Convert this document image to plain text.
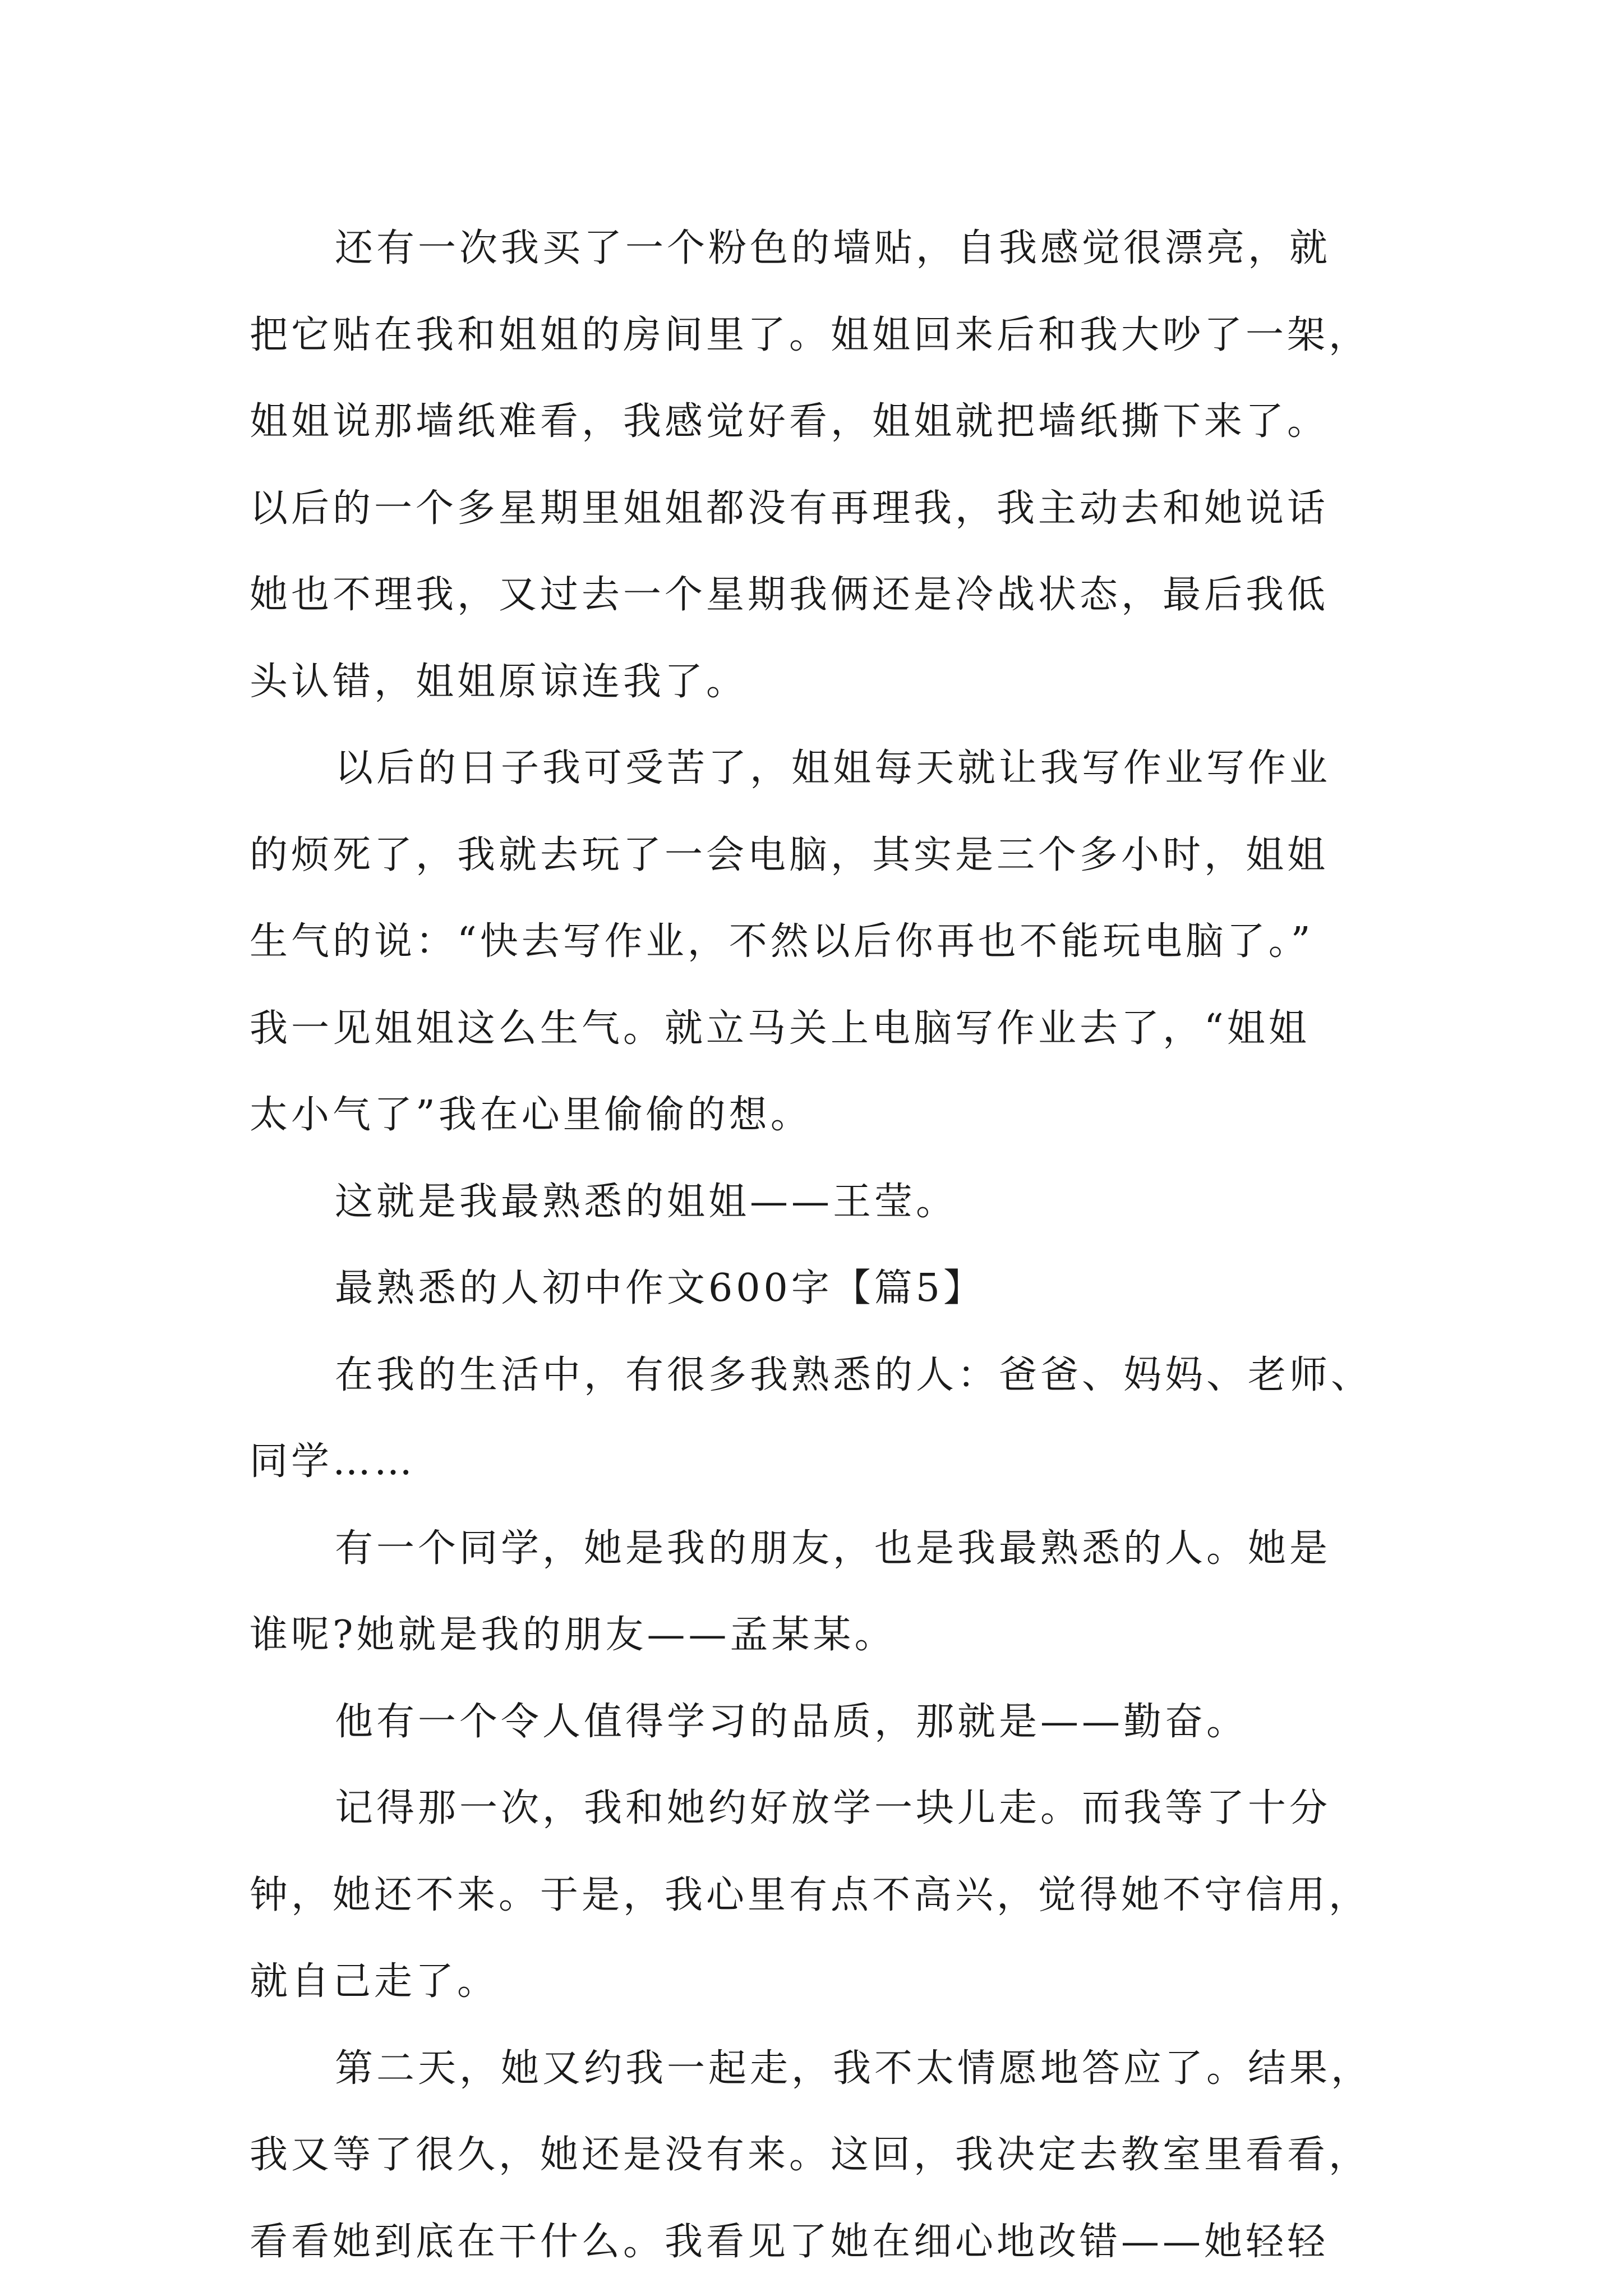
还有一次我买了一个粉色的墙贴，自我感觉很漂亮，就
把它贴在我和姐姐的房间里了。姐姐回来后和我大吵了一架，
姐姐说那墙纸难看，我感觉好看，姐姐就把墙纸撕下来了。
以后的一个多星期里姐姐都没有再理我，我主动去和她说话
她也不理我，又过去一个星期我俩还是冷战状态，最后我低
头认错，姐姐原谅连我了。
以后的日子我可受苦了，姐姐每天就让我写作业写作业
的烦死了，我就去玩了一会电脑，其实是三个多小时，姐姐
生气的说：“快去写作业，不然以后你再也不能玩电脑了。”
我一见姐姐这么生气。就立马关上电脑写作业去了，“姐姐
太小气了”我在心里偷偷的想。
这就是我最熟悉的姐姐——王莹。
最熟悉的人初中作文600字【篇5】
在我的生活中，有很多我熟悉的人：爸爸、妈妈、老师、
同学……
有一个同学，她是我的朋友，也是我最熟悉的人。她是
谁呢?她就是我的朋友——孟某某。
他有一个令人值得学习的品质，那就是——勤奋。
记得那一次，我和她约好放学一块儿走。而我等了十分
钟，她还不来。于是，我心里有点不高兴，觉得她不守信用，
就自己走了。
第二天，她又约我一起走，我不太情愿地答应了。结果，
我又等了很久，她还是没有来。这回，我决定去教室里看看，
看看她到底在干什么。我看见了她在细心地改错——她轻轻
